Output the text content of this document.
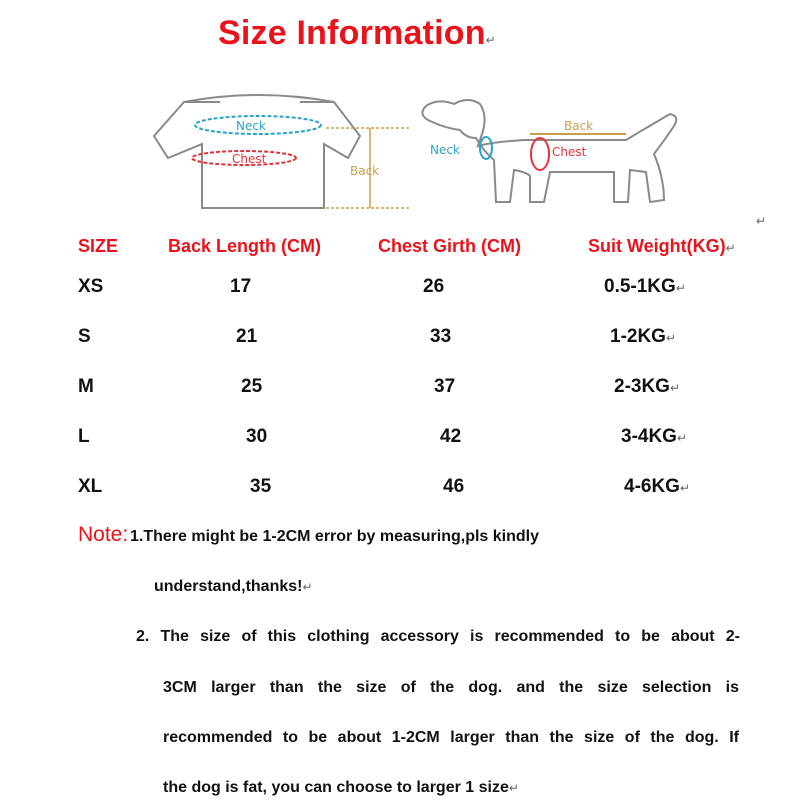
Size Information↵
Neck
Chest
Back
Back
Neck	Chest
↵
SIZE	Back Length (CM)	Chest Girth (CM)	Suit Weight(KG)↵
XS	17	26	0.5-1KG↵
S	21	33	1-2KG↵
M	25	37	2-3KG↵
L	30	42	3-4KG↵
XL	35	46	4-6KG↵
Note: 1.There might be 1-2CM error by measuring,pls kindly
understand,thanks!↵
2. The size of this clothing accessory is recommended to be about 2-
3CM larger than the size of the dog. and the size selection is
recommended to be about 1-2CM larger than the size of the dog. If
the dog is fat, you can choose to larger 1 size↵
